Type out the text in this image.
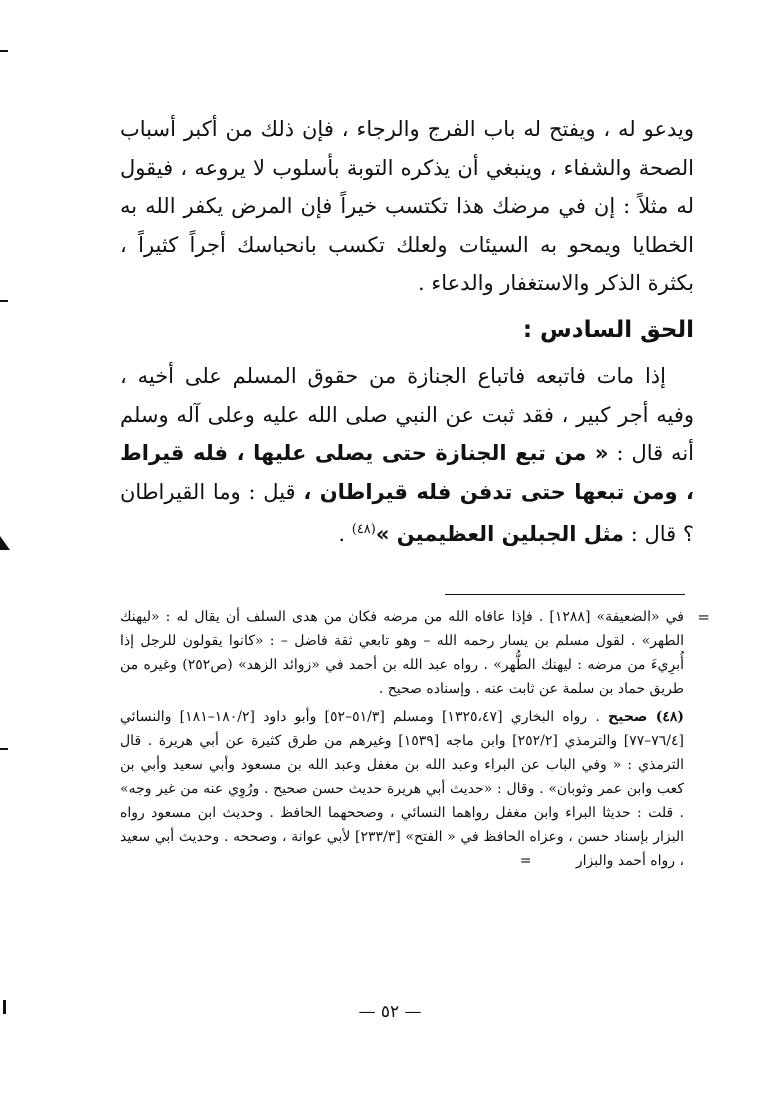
ويدعو له ، ويفتح له باب الفرج والرجاء ، فإن ذلك من أكبر أسباب الصحة والشفاء ، وينبغي أن يذكره التوبة بأسلوب لا يروعه ، فيقول له مثلاً : إن في مرضك هذا تكتسب خيراً فإن المرض يكفر الله به الخطايا ويمحو به السيئات ولعلك تكسب بانحباسك أجراً كثيراً ، بكثرة الذكر والاستغفار والدعاء .

الحق السادس :

إذا مات فاتبعه فاتباع الجنازة من حقوق المسلم على أخيه ، وفيه أجر كبير ، فقد ثبت عن النبي صلى الله عليه وعلى آله وسلم أنه قال : « من تبع الجنازة حتى يصلى عليها ، فله قيراط ، ومن تبعها حتى تدفن فله قيراطان ، قيل : وما القيراطان ؟ قال : مثل الجبلين العظيمين »$^{(٤٨)}$ .

=
في «الضعيفة» [١٢٨٨] . فإذا عافاه الله من مرضه فكان من هدى السلف أن يقال له : «ليهنك الطهر» . لقول مسلم بن يسار رحمه الله – وهو تابعي ثقة فاضل – : «كانوا يقولون للرجل إذا أُبرِيءَ من مرضه : ليهنك الطُّهر» . رواه عبد الله بن أحمد في «زوائد الزهد» (ص٢٥٢) وغيره من طريق حماد بن سلمة عن ثابت عنه . وإسناده صحيح .
(٤٨) صحيح . رواه البخاري [١٣٢٥،٤٧] ومسلم [٥١/٣–٥٢] وأبو داود [١٨٠/٢–١٨١] والنسائي [٧٦/٤–٧٧] والترمذي [٢٥٢/٢] وابن ماجه [١٥٣٩] وغيرهم من طرق كثيرة عن أبي هريرة . قال الترمذي : « وفي الباب عن البراء وعبد الله بن مغفل وعبد الله بن مسعود وأبي سعيد وأبي بن كعب وابن عمر وثوبان» . وقال : «حديث أبي هريرة حديث حسن صحيح . ورُوِي عنه من غير وجه» . قلت : حديثا البراء وابن مغفل رواهما النسائي ، وصححهما الحافظ . وحديث ابن مسعود رواه البزار بإسناد حسن ، وعزاه الحافظ في « الفتح» [٢٣٣/٣] لأبي عوانة ، وصححه . وحديث أبي سعيد ، رواه أحمد والبزار =
— ٥٢ —
